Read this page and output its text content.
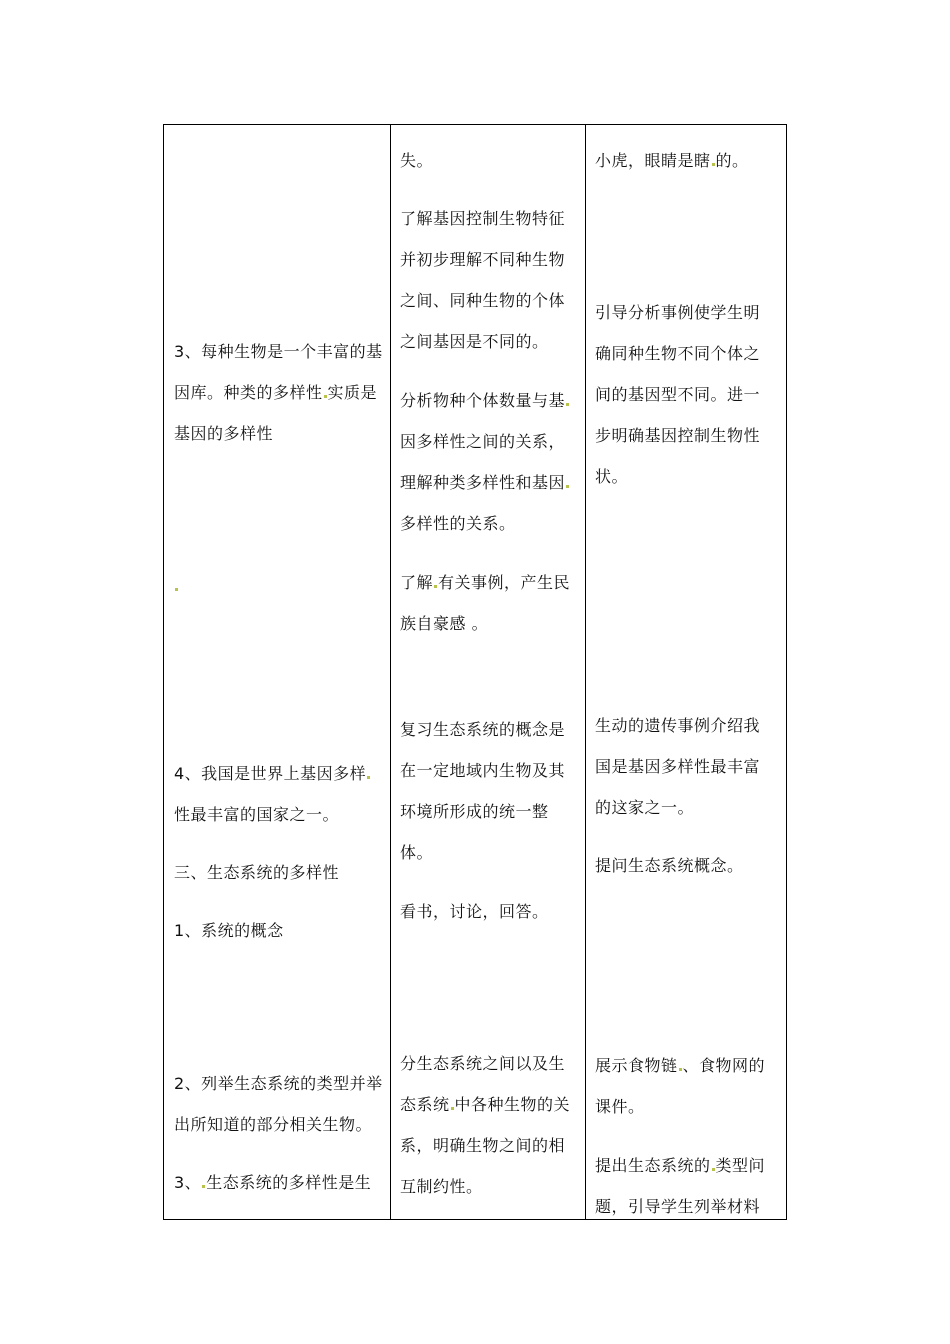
3、每种生物是一个丰富的基

因库。种类的多样性 实质是

基因的多样性

4、我国是世界上基因多样

性最丰富的国家之一。

三、生态系统的多样性

1、系统的概念

2、列举生态系统的类型并举

出所知道的部分相关生物。

3、 生态系统的多样性是生

失。

了解基因控制生物特征

并初步理解不同种生物

之间、同种生物的个体

之间基因是不同的。

分析物种个体数量与基

因多样性之间的关系，

理解种类多样性和基因

多样性的关系。

了解 有关事例，产生民

族自豪感 。

复习生态系统的概念是

在一定地域内生物及其

环境所形成的统一整

体。

看书，讨论，回答。

分生态系统之间以及生

态系统 中各种生物的关

系，明确生物之间的相

互制约性。

小虎，眼睛是瞎 的。

引导分析事例使学生明

确同种生物不同个体之

间的基因型不同。进一

步明确基因控制生物性

状。

生动的遗传事例介绍我

国是基因多样性最丰富

的这家之一。

提问生态系统概念。

展示食物链 、食物网的

课件。

提出生态系统的 类型问

题，引导学生列举材料
